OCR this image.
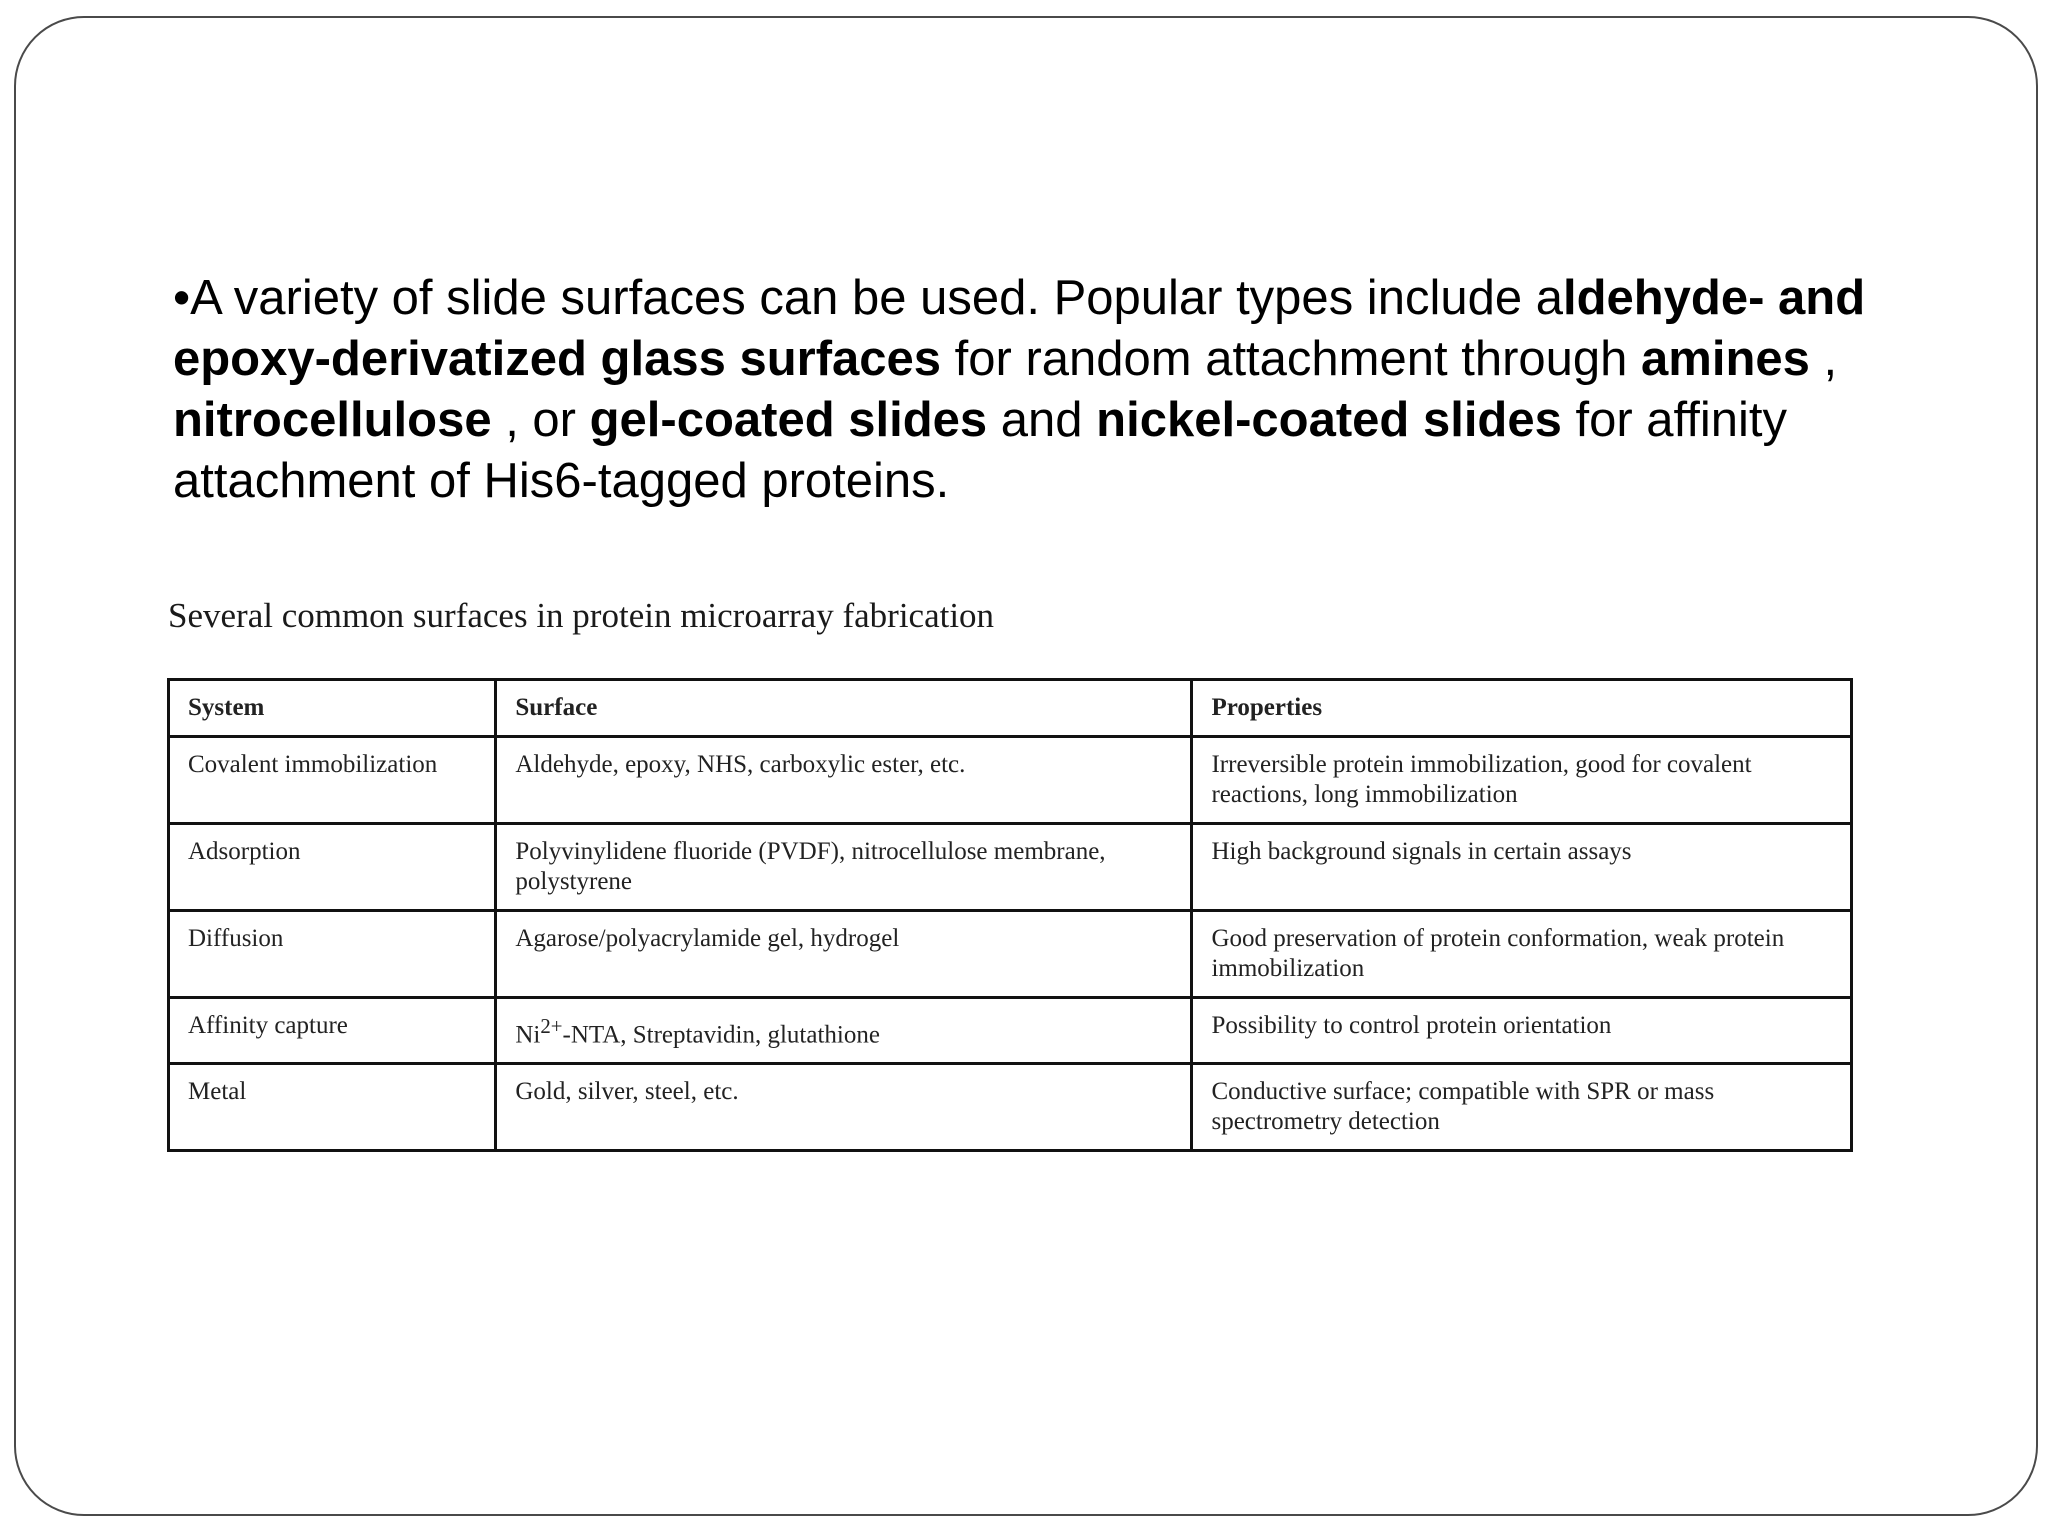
•A variety of slide surfaces can be used. Popular types include aldehyde- and epoxy-derivatized glass surfaces for random attachment through amines , nitrocellulose , or gel-coated slides and nickel-coated slides for affinity attachment of His6-tagged proteins.

Several common surfaces in protein microarray fabrication

System	Surface	Properties
Covalent immobilization	Aldehyde, epoxy, NHS, carboxylic ester, etc.	Irreversible protein immobilization, good for covalent reactions, long immobilization
Adsorption	Polyvinylidene fluoride (PVDF), nitrocellulose membrane, polystyrene	High background signals in certain assays
Diffusion	Agarose/polyacrylamide gel, hydrogel	Good preservation of protein conformation, weak protein immobilization
Affinity capture	$Ni^{2+}$-NTA, Streptavidin, glutathione	Possibility to control protein orientation
Metal	Gold, silver, steel, etc.	Conductive surface; compatible with SPR or mass spectrometry detection
